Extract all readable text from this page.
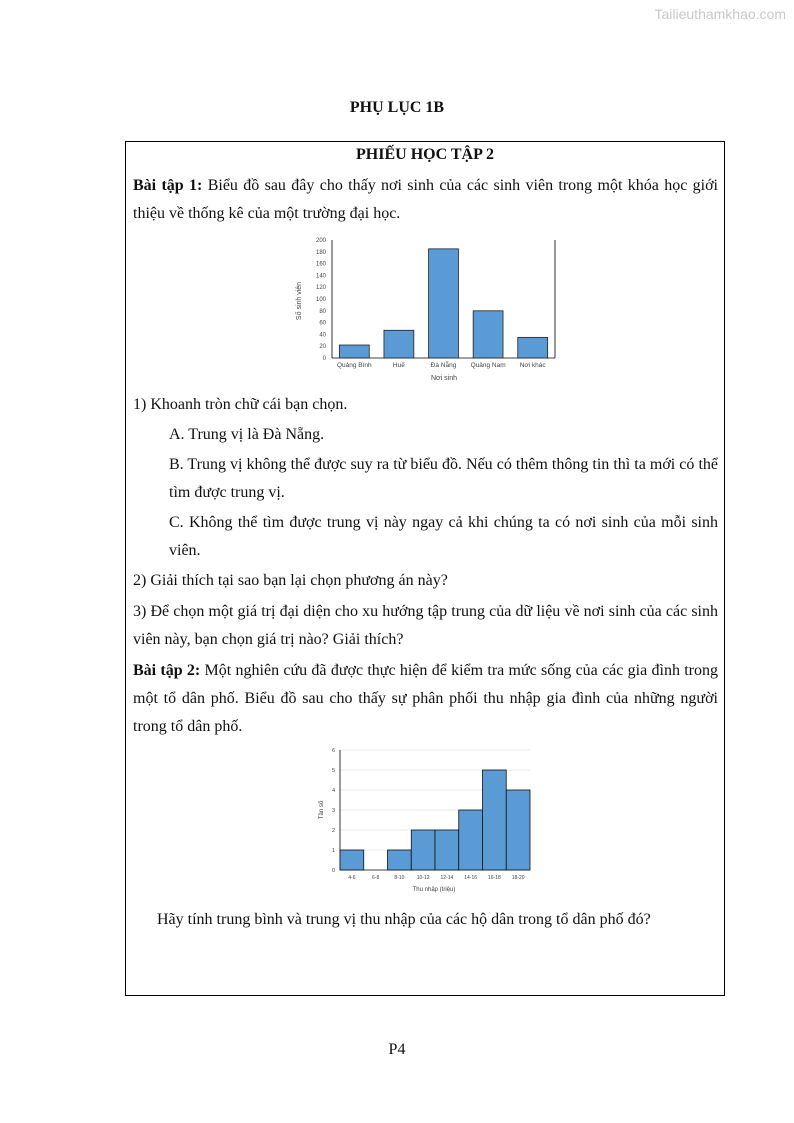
Tailieuthamkhao.com
PHỤ LỤC 1B
PHIẾU HỌC TẬP 2
Bài tập 1: Biểu đồ sau đây cho thấy nơi sinh của các sinh viên trong một khóa học giới thiệu về thống kê của một trường đại học.
0
20
40
60
80
100
120
140
160
180
200
Quảng Bình	Huế	Đà Nẵng Quảng Nam Nơi khác
Số sinh viên
Nơi sinh
1) Khoanh tròn chữ cái bạn chọn.
A. Trung vị là Đà Nẵng.
B. Trung vị không thể được suy ra từ biểu đồ. Nếu có thêm thông tin thì ta mới có thể tìm được trung vị.
C. Không thể tìm được trung vị này ngay cả khi chúng ta có nơi sinh của mỗi sinh viên.
2) Giải thích tại sao bạn lại chọn phương án này?
3) Để chọn một giá trị đại diện cho xu hướng tập trung của dữ liệu về nơi sinh của các sinh viên này, bạn chọn giá trị nào? Giải thích?
Bài tập 2: Một nghiên cứu đã được thực hiện để kiểm tra mức sống của các gia đình trong một tổ dân phố. Biểu đồ sau cho thấy sự phân phối thu nhập gia đình của những người trong tổ dân phố.
0
1
2
3
4
5
6
4-6	6-8	8-10 10-12 12-14 14-16 16-18 18-20
Tần số
Thu nhập (triệu)
Hãy tính trung bình và trung vị thu nhập của các hộ dân trong tổ dân phố đó?
P4
